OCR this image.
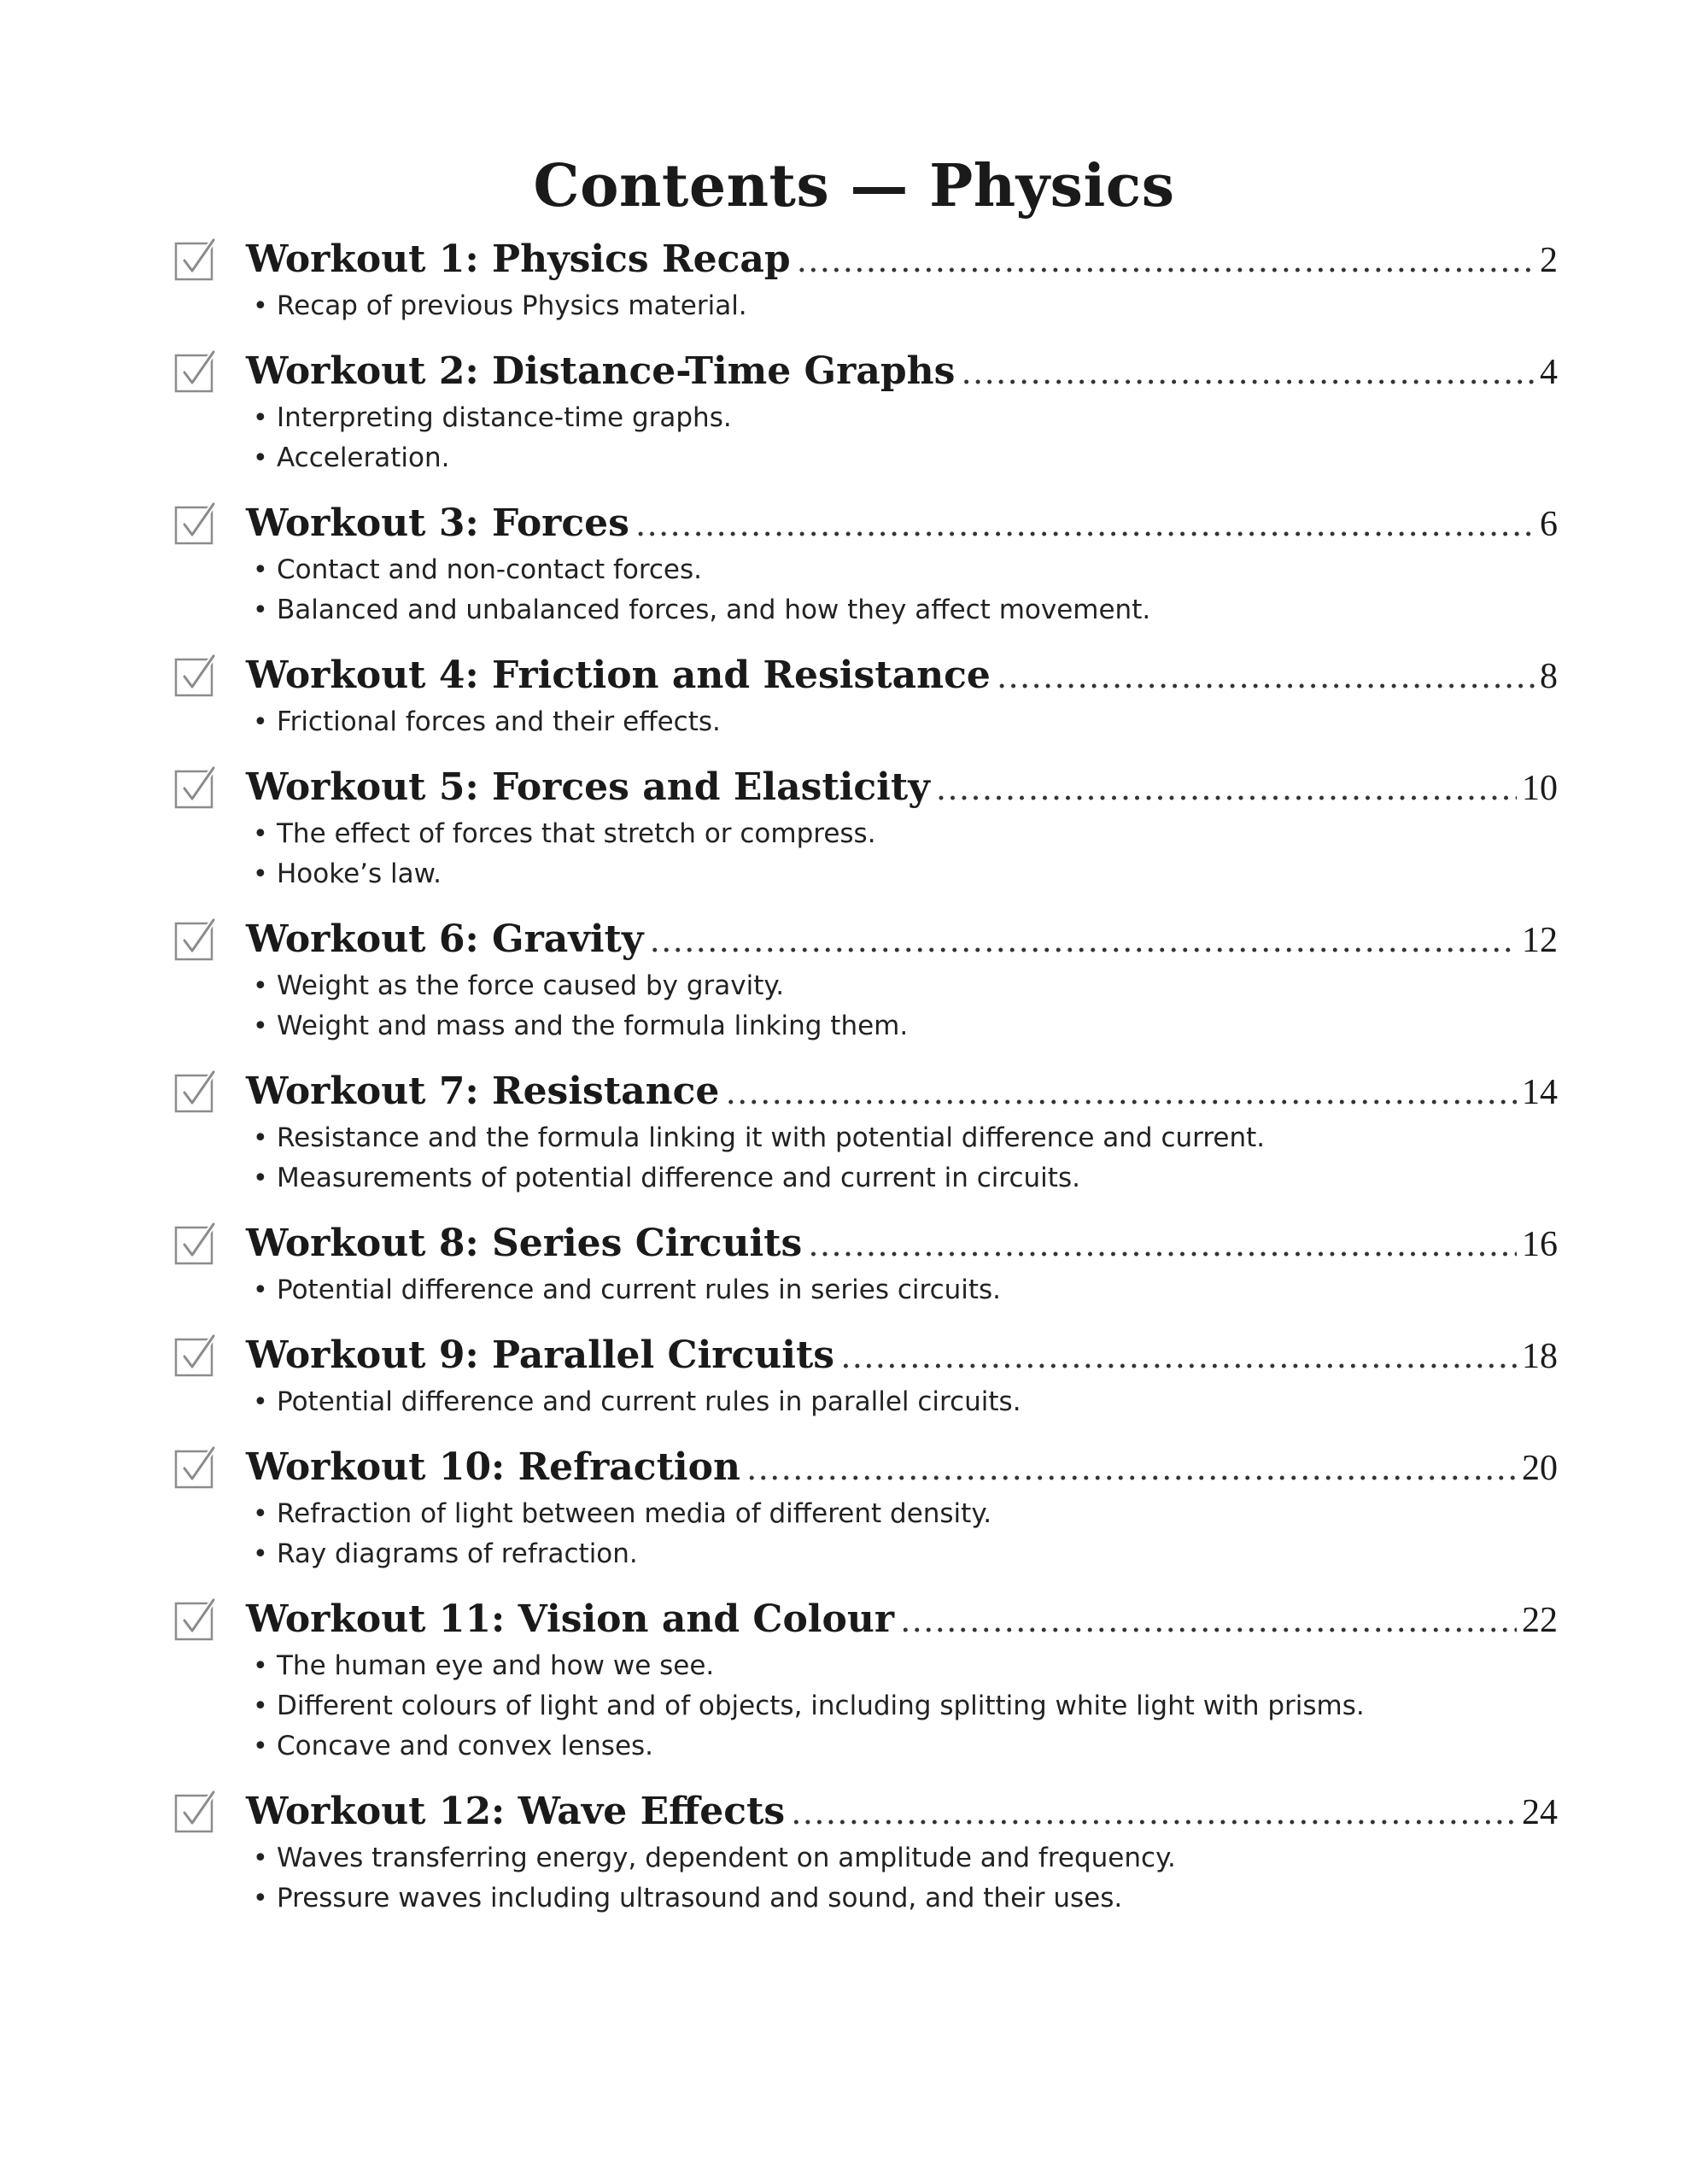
Contents — Physics
Workout 1: Physics Recap .....	2
• Recap of previous Physics material.
Workout 2: Distance-Time Graphs .....	4
• Interpreting distance-time graphs.
• Acceleration.
Workout 3: Forces .....	6
• Contact and non-contact forces.
• Balanced and unbalanced forces, and how they affect movement.
Workout 4: Friction and Resistance .....	8
• Frictional forces and their effects.
Workout 5: Forces and Elasticity .....	10
• The effect of forces that stretch or compress.
• Hooke’s law.
Workout 6: Gravity .....	12
• Weight as the force caused by gravity.
• Weight and mass and the formula linking them.
Workout 7: Resistance .....	14
• Resistance and the formula linking it with potential difference and current.
• Measurements of potential difference and current in circuits.
Workout 8: Series Circuits .....	16
• Potential difference and current rules in series circuits.
Workout 9: Parallel Circuits .....	18
• Potential difference and current rules in parallel circuits.
Workout 10: Refraction .....	20
• Refraction of light between media of different density.
• Ray diagrams of refraction.
Workout 11: Vision and Colour .....	22
• The human eye and how we see.
• Different colours of light and of objects, including splitting white light with prisms.
• Concave and convex lenses.
Workout 12: Wave Effects .....	24
• Waves transferring energy, dependent on amplitude and frequency.
• Pressure waves including ultrasound and sound, and their uses.
